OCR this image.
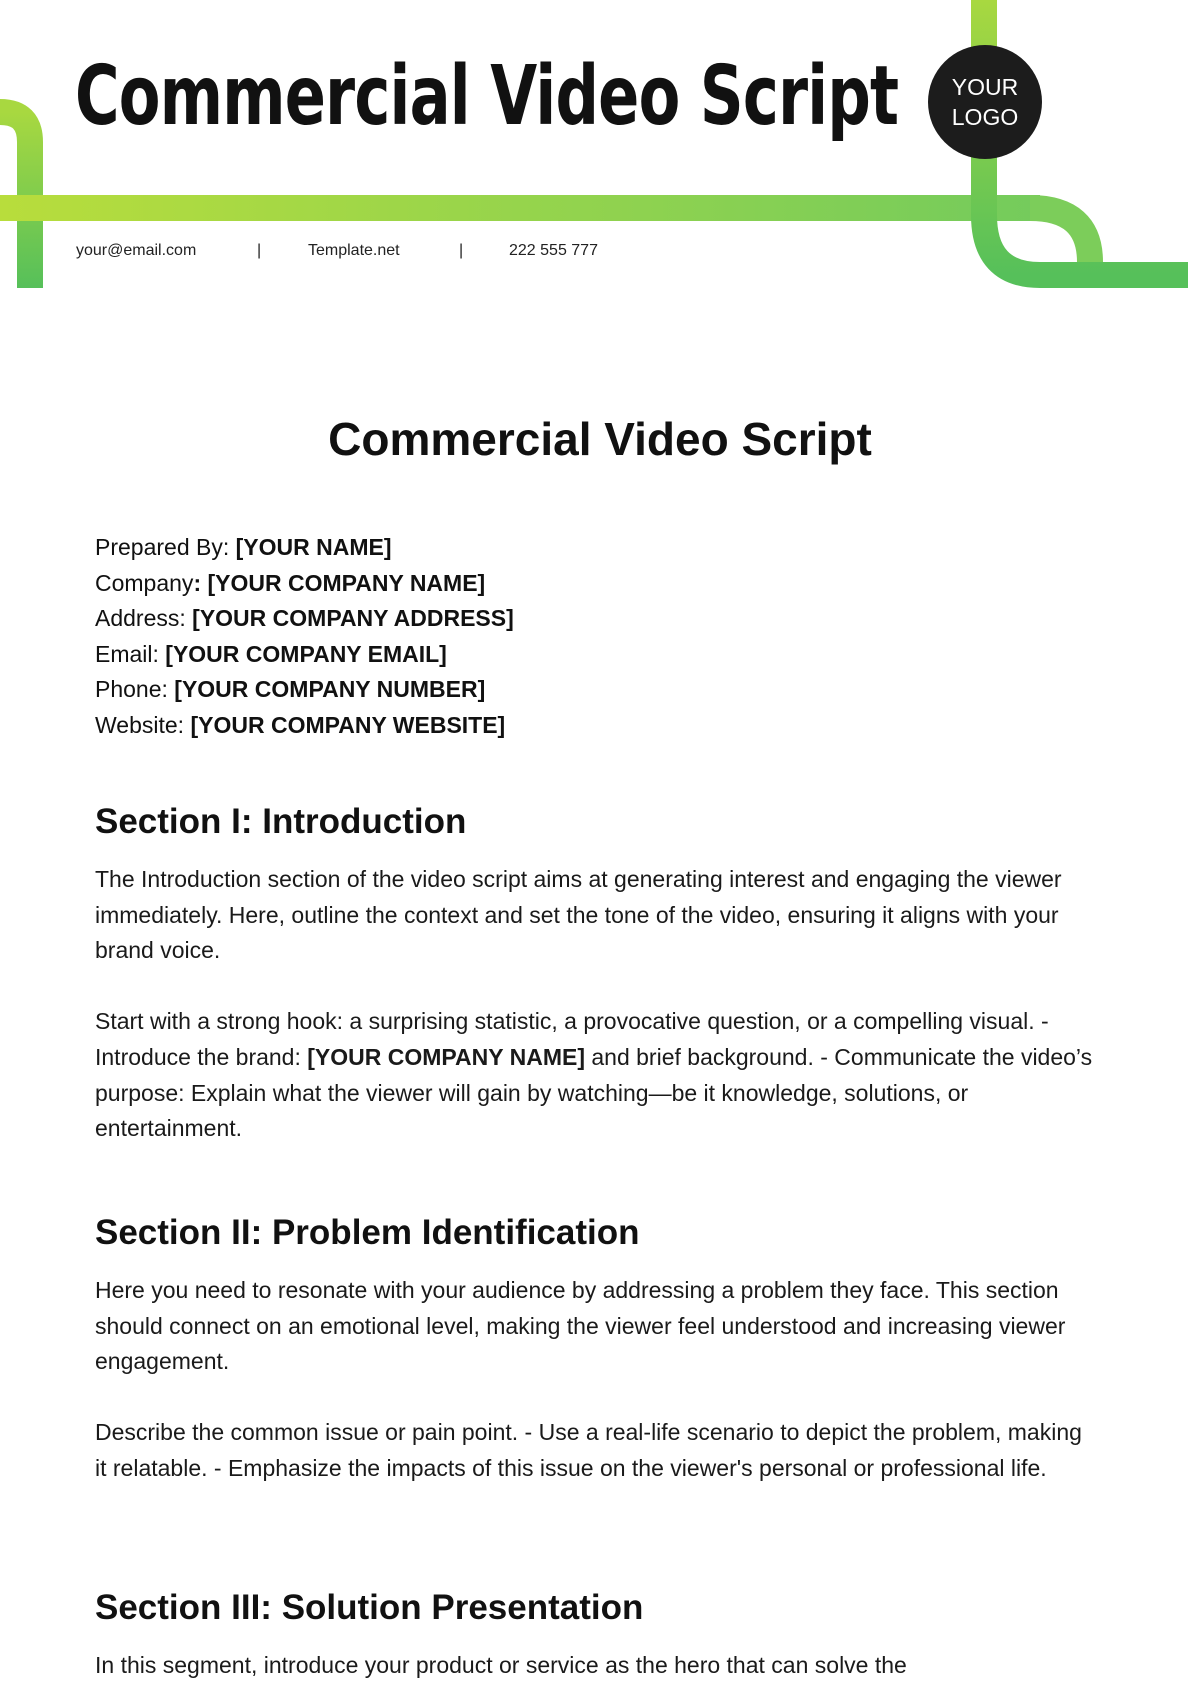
Commercial Video Script YOUR
LOGO
your@email.com	|	Template.net	|	222 555 777
Commercial Video Script
Prepared By: [YOUR NAME]
Company: [YOUR COMPANY NAME]
Address: [YOUR COMPANY ADDRESS]
Email: [YOUR COMPANY EMAIL]
Phone: [YOUR COMPANY NUMBER]
Website: [YOUR COMPANY WEBSITE]
Section I: Introduction

The Introduction section of the video script aims at generating interest and engaging the viewer immediately. Here, outline the context and set the tone of the video, ensuring it aligns with your brand voice.

Start with a strong hook: a surprising statistic, a provocative question, or a compelling visual. - Introduce the brand: [YOUR COMPANY NAME] and brief background. - Communicate the video’s purpose: Explain what the viewer will gain by watching—be it knowledge, solutions, or entertainment.

Section II: Problem Identification

Here you need to resonate with your audience by addressing a problem they face. This section should connect on an emotional level, making the viewer feel understood and increasing viewer engagement.

Describe the common issue or pain point. - Use a real-life scenario to depict the problem, making it relatable. - Emphasize the impacts of this issue on the viewer's personal or professional life.

Section III: Solution Presentation

In this segment, introduce your product or service as the hero that can solve the
